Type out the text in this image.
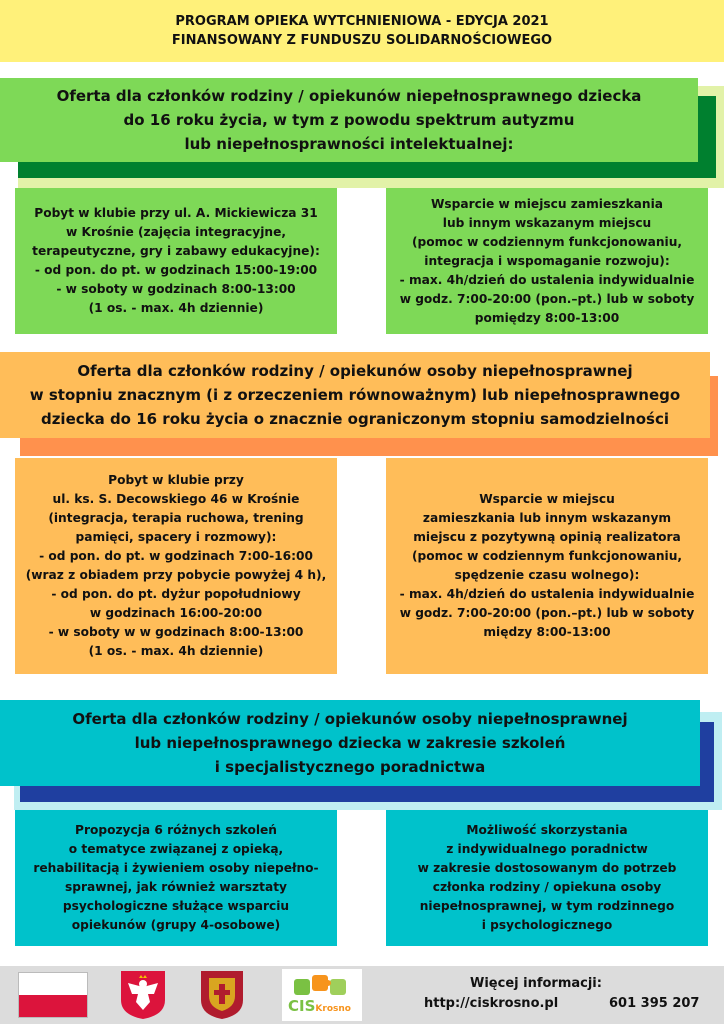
PROGRAM OPIEKA WYTCHNIENIOWA - EDYCJA 2021
FINANSOWANY Z FUNDUSZU SOLIDARNOŚCIOWEGO
Oferta dla członków rodziny / opiekunów niepełnosprawnego dziecka
do 16 roku życia, w tym z powodu spektrum autyzmu
lub niepełnosprawności intelektualnej:
Pobyt w klubie przy ul. A. Mickiewicza 31
w Krośnie (zajęcia integracyjne,
terapeutyczne, gry i zabawy edukacyjne):
- od pon. do pt. w godzinach 15:00-19:00
- w soboty w godzinach 8:00-13:00
(1 os. - max. 4h dziennie)
Wsparcie w miejscu zamieszkania
lub innym wskazanym miejscu
(pomoc w codziennym funkcjonowaniu,
integracja i wspomaganie rozwoju):
- max. 4h/dzień do ustalenia indywidualnie
w godz. 7:00-20:00 (pon.–pt.) lub w soboty
pomiędzy 8:00-13:00
Oferta dla członków rodziny / opiekunów osoby niepełnosprawnej
w stopniu znacznym (i z orzeczeniem równoważnym) lub niepełnosprawnego
dziecka do 16 roku życia o znacznie ograniczonym stopniu samodzielności
Pobyt w klubie przy
ul. ks. S. Decowskiego 46 w Krośnie
(integracja, terapia ruchowa, trening
pamięci, spacery i rozmowy):
- od pon. do pt. w godzinach 7:00-16:00
(wraz z obiadem przy pobycie powyżej 4 h),
- od pon. do pt. dyżur popołudniowy
w godzinach 16:00-20:00
- w soboty w w godzinach 8:00-13:00
(1 os. - max. 4h dziennie)
Wsparcie w miejscu
zamieszkania lub innym wskazanym
miejscu z pozytywną opinią realizatora
(pomoc w codziennym funkcjonowaniu,
spędzenie czasu wolnego):
- max. 4h/dzień do ustalenia indywidualnie
w godz. 7:00-20:00 (pon.–pt.) lub w soboty
między 8:00-13:00
Oferta dla członków rodziny / opiekunów osoby niepełnosprawnej
lub niepełnosprawnego dziecka w zakresie szkoleń
i specjalistycznego poradnictwa
Propozycja 6 różnych szkoleń
o tematyce związanej z opieką,
rehabilitacją i żywieniem osoby niepełno-
sprawnej, jak również warsztaty
psychologiczne służące wsparciu
opiekunów (grupy 4-osobowe)
Możliwość skorzystania
z indywidualnego poradnictw
w zakresie dostosowanym do potrzeb
członka rodziny / opiekuna osoby
niepełnosprawnej, w tym rodzinnego
i psychologicznego
CISKrosno
Więcej informacji:
http://ciskrosno.pl	601 395 207
